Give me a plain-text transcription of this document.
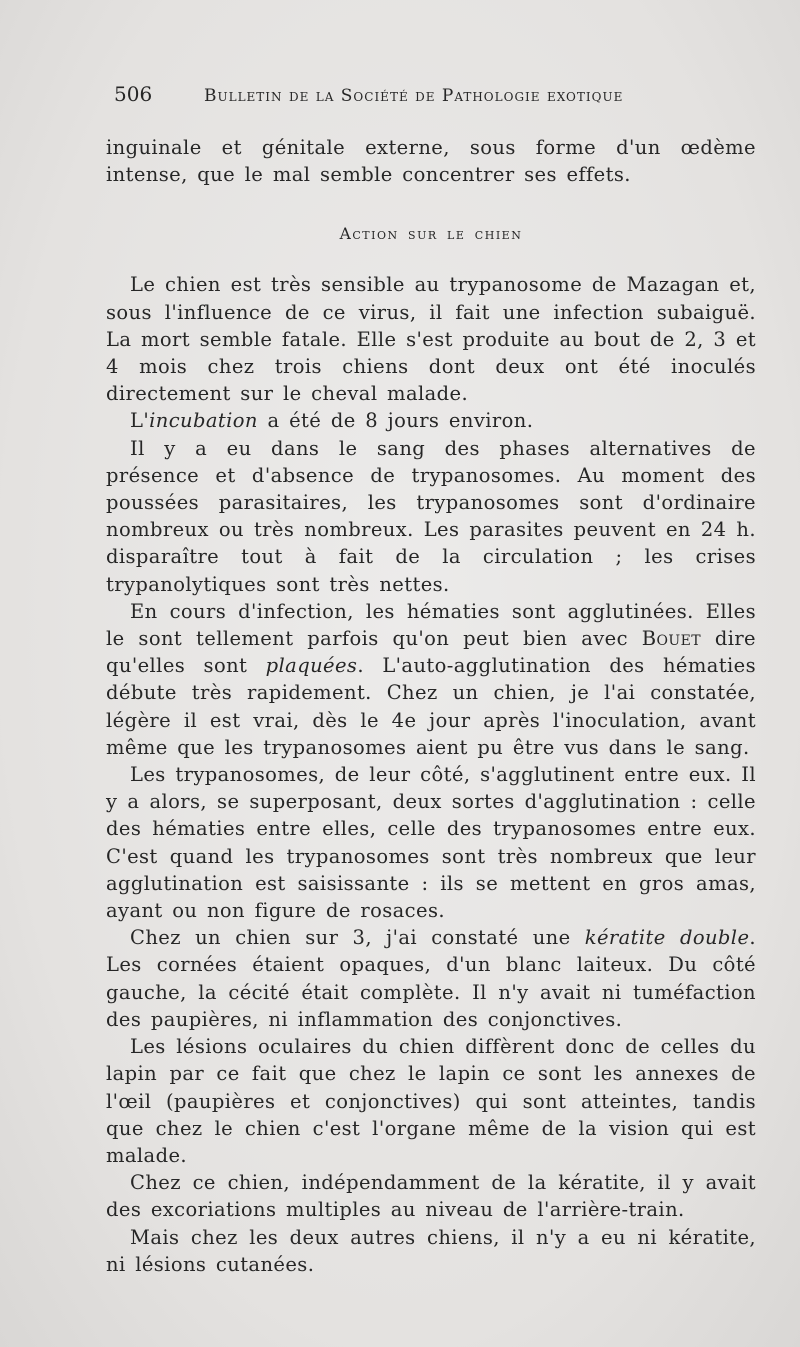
506	Bulletin de la Société de Pathologie exotique

inguinale et génitale externe, sous forme d'un œdème intense, que le mal semble concentrer ses effets.

Action sur le chien

Le chien est très sensible au trypanosome de Mazagan et, sous l'influence de ce virus, il fait une infection subaiguë. La mort semble fatale. Elle s'est produite au bout de 2, 3 et 4 mois chez trois chiens dont deux ont été inoculés directement sur le cheval malade.

L'incubation a été de 8 jours environ.

Il y a eu dans le sang des phases alternatives de présence et d'absence de trypanosomes. Au moment des poussées parasitaires, les trypanosomes sont d'ordinaire nombreux ou très nombreux. Les parasites peuvent en 24 h. disparaître tout à fait de la circulation ; les crises trypanolytiques sont très nettes.

En cours d'infection, les hématies sont agglutinées. Elles le sont tellement parfois qu'on peut bien avec Bouet dire qu'elles sont plaquées. L'auto-agglutination des hématies débute très rapidement. Chez un chien, je l'ai constatée, légère il est vrai, dès le 4e jour après l'inoculation, avant même que les trypanosomes aient pu être vus dans le sang.

Les trypanosomes, de leur côté, s'agglutinent entre eux. Il y a alors, se superposant, deux sortes d'agglutination : celle des hématies entre elles, celle des trypanosomes entre eux. C'est quand les trypanosomes sont très nombreux que leur agglutination est saisissante : ils se mettent en gros amas, ayant ou non figure de rosaces.

Chez un chien sur 3, j'ai constaté une kératite double. Les cornées étaient opaques, d'un blanc laiteux. Du côté gauche, la cécité était complète. Il n'y avait ni tuméfaction des paupières, ni inflammation des conjonctives.

Les lésions oculaires du chien diffèrent donc de celles du lapin par ce fait que chez le lapin ce sont les annexes de l'œil (paupières et conjonctives) qui sont atteintes, tandis que chez le chien c'est l'organe même de la vision qui est malade.

Chez ce chien, indépendamment de la kératite, il y avait des excoriations multiples au niveau de l'arrière-train.

Mais chez les deux autres chiens, il n'y a eu ni kératite, ni lésions cutanées.
